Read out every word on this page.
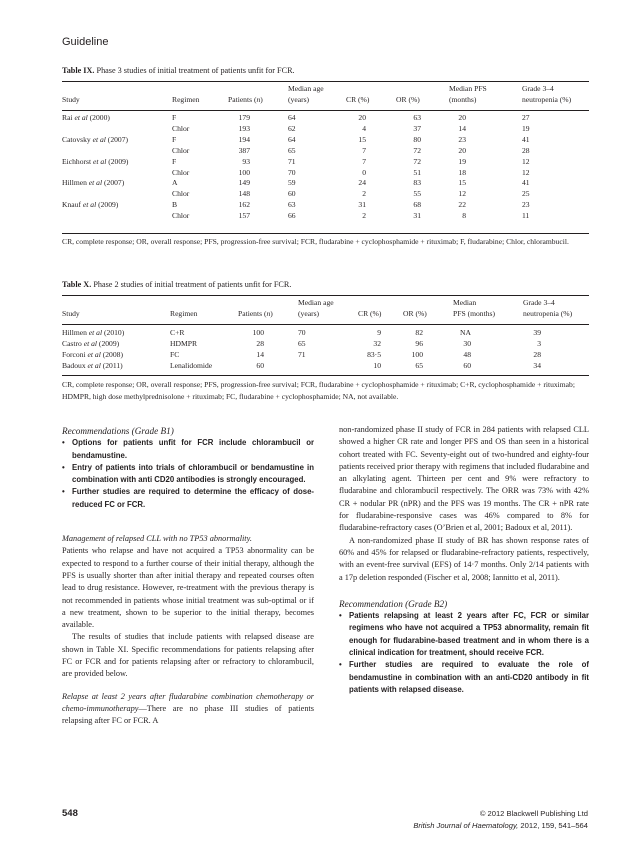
Guideline
Table IX. Phase 3 studies of initial treatment of patients unfit for FCR.
			Median age			Median PFS	Grade 3–4
Study	Regimen	Patients (n)	(years)	CR (%)	OR (%)	(months)	neutropenia (%)
Rai et al (2000)	F	179	64	20	63	20	27
	Chlor	193	62	4	37	14	19
Catovsky et al (2007)	F	194	64	15	80	23	41
	Chlor	387	65	7	72	20	28
Eichhorst et al (2009)	F	93	71	7	72	19	12
	Chlor	100	70	0	51	18	12
Hillmen et al (2007)	A	149	59	24	83	15	41
	Chlor	148	60	2	55	12	25
Knauf et al (2009)	B	162	63	31	68	22	23
	Chlor	157	66	2	31	8	11
CR, complete response; OR, overall response; PFS, progression-free survival; FCR, fludarabine + cyclophosphamide + rituximab; F, fludarabine; Chlor, chlorambucil.
Table X. Phase 2 studies of initial treatment of patients unfit for FCR.
			Median age			Median	Grade 3–4
Study	Regimen	Patients (n)	(years)	CR (%)	OR (%)	PFS (months)	neutropenia (%)
Hillmen et al (2010)	C+R	100	70	9	82	NA	39
Castro et al (2009)	HDMPR	28	65	32	96	30	3
Forconi et al (2008)	FC	14	71	83·5	100	48	28
Badoux et al (2011)	Lenalidomide	60		10	65	60	34
CR, complete response; OR, overall response; PFS, progression-free survival; FCR, fludarabine + cyclophosphamide + rituximab; C+R, cyclophosphamide + rituximab; HDMPR, high dose methylprednisolone + rituximab; FC, fludarabine + cyclophosphamide; NA, not available.

Recommendations (Grade B1)

• Options for patients unfit for FCR include chlorambucil or bendamustine.
• Entry of patients into trials of chlorambucil or bendamustine in combination with anti CD20 antibodies is strongly encouraged.
• Further studies are required to determine the efficacy of dose-reduced FC or FCR.

Management of relapsed CLL with no TP53 abnormality.

Patients who relapse and have not acquired a TP53 abnormality can be expected to respond to a further course of their initial therapy, although the PFS is usually shorter than after initial therapy and repeated courses often lead to drug resistance. However, re-treatment with the previous therapy is not recommended in patients whose initial treatment was sub-optimal or if a new treatment, shown to be superior to the initial therapy, becomes available.

The results of studies that include patients with relapsed disease are shown in Table XI. Specific recommendations for patients relapsing after FC or FCR and for patients relapsing after or refractory to chlorambucil, are provided below.

Relapse at least 2 years after fludarabine combination chemotherapy or chemo-immunotherapy—There are no phase III studies of patients relapsing after FC or FCR. A

non-randomized phase II study of FCR in 284 patients with relapsed CLL showed a higher CR rate and longer PFS and OS than seen in a historical cohort treated with FC. Seventy-eight out of two-hundred and eighty-four patients received prior therapy with regimens that included fludarabine and an alkylating agent. Thirteen per cent and 9% were refractory to fludarabine and chlorambucil respectively. The ORR was 73% with 42% CR + nodular PR (nPR) and the PFS was 19 months. The CR + nPR rate for fludarabine-responsive cases was 46% compared to 8% for fludarabine-refractory cases (O’Brien et al, 2001; Badoux et al, 2011).

A non-randomized phase II study of BR has shown response rates of 60% and 45% for relapsed or fludarabine-refractory patients, respectively, with an event-free survival (EFS) of 14·7 months. Only 2/14 patients with a 17p deletion responded (Fischer et al, 2008; Iannitto et al, 2011).

Recommendation (Grade B2)

• Patients relapsing at least 2 years after FC, FCR or similar regimens who have not acquired a TP53 abnormality, remain fit enough for fludarabine-based treatment and in whom there is a clinical indication for treatment, should receive FCR.
• Further studies are required to evaluate the role of bendamustine in combination with an anti-CD20 antibody in fit patients with relapsed disease.
548	© 2012 Blackwell Publishing Ltd
British Journal of Haematology, 2012, 159, 541–564
